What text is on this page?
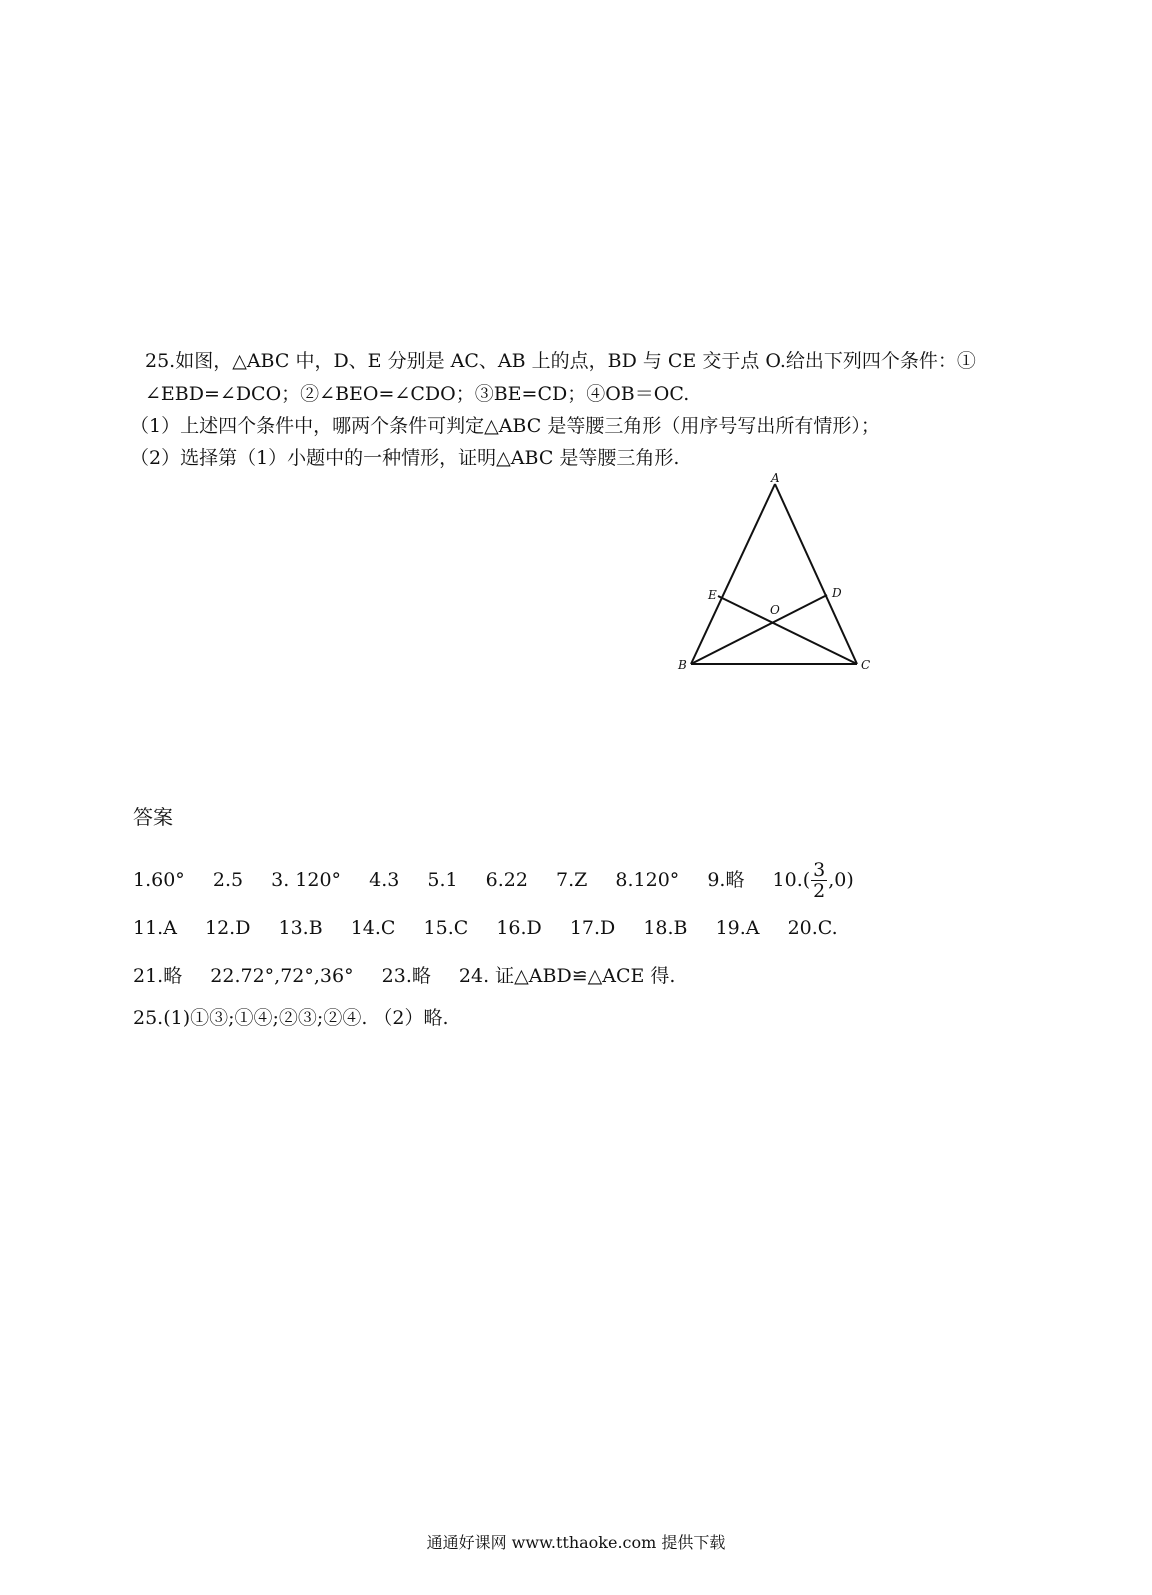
25.如图，△ABC 中，D、E 分别是 AC、AB 上的点，BD 与 CE 交于点 O.给出下列四个条件：①
∠EBD=∠DCO；②∠BEO=∠CDO；③BE=CD；④OB＝OC.
（1）上述四个条件中，哪两个条件可判定△ABC 是等腰三角形（用序号写出所有情形）；
（2）选择第（1）小题中的一种情形，证明△ABC 是等腰三角形.
A
B	C
D
E
O
答案
1.60° 2.5 3. 120° 4.3 5.1 6.22 7.Z 8.120° 9.略 $10.( \frac{3}{2} ,0)$
11.A 12.D 13.B 14.C 15.C 16.D 17.D 18.B 19.A 20.C.
21.略 22.72°,72°,36° 23.略 24. 证△ABD≌△ACE 得.
25.(1)①③;①④;②③;②④. （2）略.
通通好课网 www.tthaoke.com 提供下载
